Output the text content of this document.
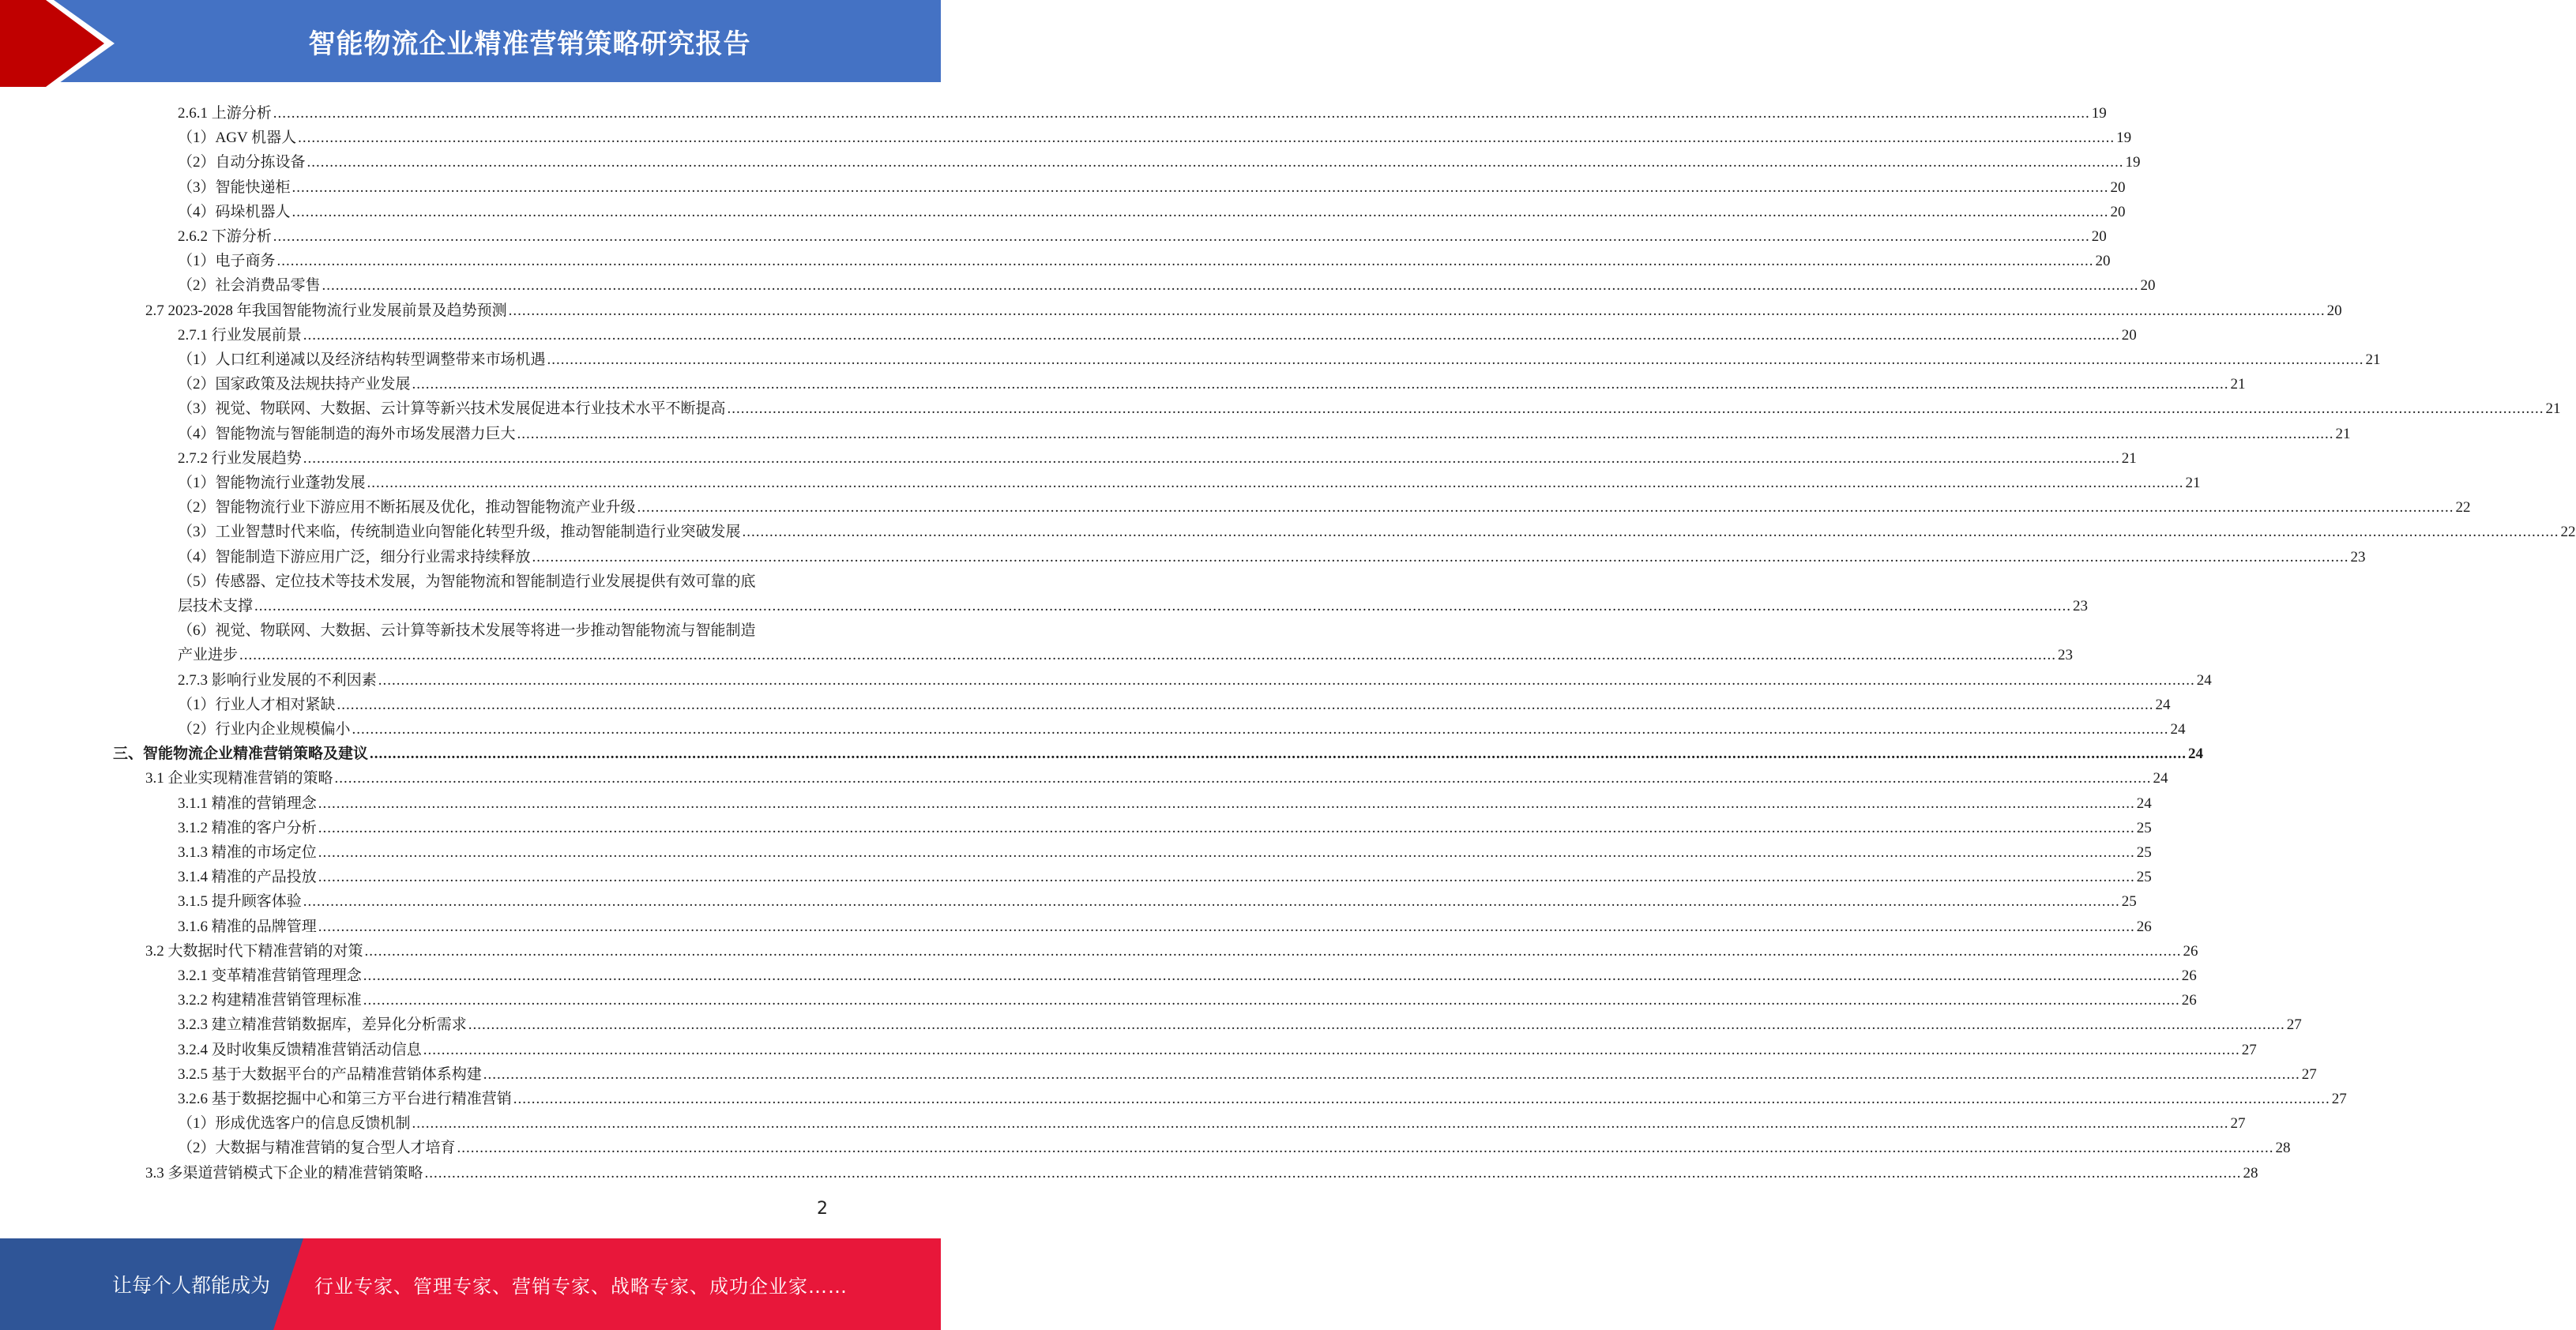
智能物流企业精准营销策略研究报告
2.6.1 上游分析 ................................................................................................................................................................................................................................................................................................................................................................................................................ 19
（1）AGV 机器人 ................................................................................................................................................................................................................................................................................................................................................................................................................ 19
（2）自动分拣设备 ................................................................................................................................................................................................................................................................................................................................................................................................................ 19
（3）智能快递柜 ................................................................................................................................................................................................................................................................................................................................................................................................................ 20
（4）码垛机器人 ................................................................................................................................................................................................................................................................................................................................................................................................................ 20
2.6.2 下游分析 ................................................................................................................................................................................................................................................................................................................................................................................................................ 20
（1）电子商务 ................................................................................................................................................................................................................................................................................................................................................................................................................ 20
（2）社会消费品零售 ................................................................................................................................................................................................................................................................................................................................................................................................................ 20
2.7 2023-2028 年我国智能物流行业发展前景及趋势预测 ................................................................................................................................................................................................................................................................................................................................................................................................................ 20
2.7.1 行业发展前景 ................................................................................................................................................................................................................................................................................................................................................................................................................ 20
（1）人口红利递减以及经济结构转型调整带来市场机遇 ................................................................................................................................................................................................................................................................................................................................................................................................................ 21
（2）国家政策及法规扶持产业发展 ................................................................................................................................................................................................................................................................................................................................................................................................................ 21
（3）视觉、物联网、大数据、云计算等新兴技术发展促进本行业技术水平不断提高 ................................................................................................................................................................................................................................................................................................................................................................................................................ 21
（4）智能物流与智能制造的海外市场发展潜力巨大 ................................................................................................................................................................................................................................................................................................................................................................................................................ 21
2.7.2 行业发展趋势 ................................................................................................................................................................................................................................................................................................................................................................................................................ 21
（1）智能物流行业蓬勃发展 ................................................................................................................................................................................................................................................................................................................................................................................................................ 21
（2）智能物流行业下游应用不断拓展及优化，推动智能物流产业升级 ................................................................................................................................................................................................................................................................................................................................................................................................................ 22
（3）工业智慧时代来临，传统制造业向智能化转型升级，推动智能制造行业突破发展 ................................................................................................................................................................................................................................................................................................................................................................................................................ 22
（4）智能制造下游应用广泛，细分行业需求持续释放 ................................................................................................................................................................................................................................................................................................................................................................................................................ 23
（5）传感器、定位技术等技术发展，为智能物流和智能制造行业发展提供有效可靠的底
层技术支撑 ................................................................................................................................................................................................................................................................................................................................................................................................................ 23
（6）视觉、物联网、大数据、云计算等新技术发展等将进一步推动智能物流与智能制造
产业进步 ................................................................................................................................................................................................................................................................................................................................................................................................................ 23
2.7.3 影响行业发展的不利因素 ................................................................................................................................................................................................................................................................................................................................................................................................................ 24
（1）行业人才相对紧缺 ................................................................................................................................................................................................................................................................................................................................................................................................................ 24
（2）行业内企业规模偏小 ................................................................................................................................................................................................................................................................................................................................................................................................................ 24
三、智能物流企业精准营销策略及建议 ................................................................................................................................................................................................................................................................................................................................................................................................................ 24
3.1 企业实现精准营销的策略 ................................................................................................................................................................................................................................................................................................................................................................................................................ 24
3.1.1 精准的营销理念 ................................................................................................................................................................................................................................................................................................................................................................................................................ 24
3.1.2 精准的客户分析 ................................................................................................................................................................................................................................................................................................................................................................................................................ 25
3.1.3 精准的市场定位 ................................................................................................................................................................................................................................................................................................................................................................................................................ 25
3.1.4 精准的产品投放 ................................................................................................................................................................................................................................................................................................................................................................................................................ 25
3.1.5 提升顾客体验 ................................................................................................................................................................................................................................................................................................................................................................................................................ 25
3.1.6 精准的品牌管理 ................................................................................................................................................................................................................................................................................................................................................................................................................ 26
3.2 大数据时代下精准营销的对策 ................................................................................................................................................................................................................................................................................................................................................................................................................ 26
3.2.1 变革精准营销管理理念 ................................................................................................................................................................................................................................................................................................................................................................................................................ 26
3.2.2 构建精准营销管理标准 ................................................................................................................................................................................................................................................................................................................................................................................................................ 26
3.2.3 建立精准营销数据库，差异化分析需求 ................................................................................................................................................................................................................................................................................................................................................................................................................ 27
3.2.4 及时收集反馈精准营销活动信息 ................................................................................................................................................................................................................................................................................................................................................................................................................ 27
3.2.5 基于大数据平台的产品精准营销体系构建 ................................................................................................................................................................................................................................................................................................................................................................................................................ 27
3.2.6 基于数据挖掘中心和第三方平台进行精准营销 ................................................................................................................................................................................................................................................................................................................................................................................................................ 27
（1）形成优选客户的信息反馈机制 ................................................................................................................................................................................................................................................................................................................................................................................................................ 27
（2）大数据与精准营销的复合型人才培育 ................................................................................................................................................................................................................................................................................................................................................................................................................ 28
3.3 多渠道营销模式下企业的精准营销策略 ................................................................................................................................................................................................................................................................................................................................................................................................................ 28
2
让每个人都能成为 行业专家、管理专家、营销专家、战略专家、成功企业家……
